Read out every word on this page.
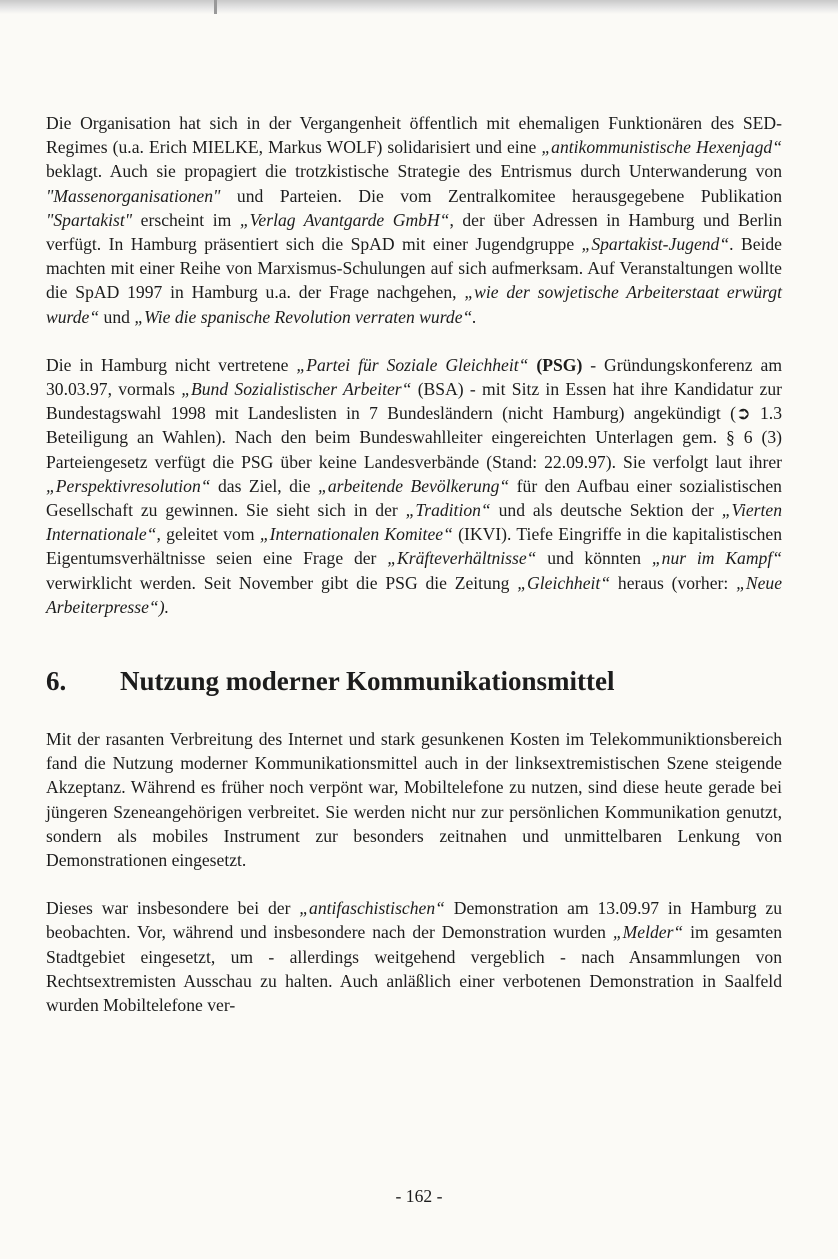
Die Organisation hat sich in der Vergangenheit öffentlich mit ehemaligen Funktionären des SED-Regimes (u.a. Erich MIELKE, Markus WOLF) solidarisiert und eine „antikommunistische Hexenjagd“ beklagt. Auch sie propagiert die trotzkistische Strategie des Entrismus durch Unterwanderung von "Massenorganisationen" und Parteien. Die vom Zentralkomitee herausgegebene Publikation "Spartakist" erscheint im „Verlag Avantgarde GmbH“, der über Adressen in Hamburg und Berlin verfügt. In Hamburg präsentiert sich die SpAD mit einer Jugendgruppe „Spartakist-Jugend“. Beide machten mit einer Reihe von Marxismus-Schulungen auf sich aufmerksam. Auf Veranstaltungen wollte die SpAD 1997 in Hamburg u.a. der Frage nachgehen, „wie der sowjetische Arbeiterstaat erwürgt wurde“ und „Wie die spanische Revolution verraten wurde“.

Die in Hamburg nicht vertretene „Partei für Soziale Gleichheit“ (PSG) - Gründungskonferenz am 30.03.97, vormals „Bund Sozialistischer Arbeiter“ (BSA) - mit Sitz in Essen hat ihre Kandidatur zur Bundestagswahl 1998 mit Landeslisten in 7 Bundesländern (nicht Hamburg) angekündigt (➲ 1.3 Beteiligung an Wahlen). Nach den beim Bundeswahlleiter eingereichten Unterlagen gem. § 6 (3) Parteiengesetz verfügt die PSG über keine Landesverbände (Stand: 22.09.97). Sie verfolgt laut ihrer „Perspektivresolution“ das Ziel, die „arbeitende Bevölkerung“ für den Aufbau einer sozialistischen Gesellschaft zu gewinnen. Sie sieht sich in der „Tradition“ und als deutsche Sektion der „Vierten Internationale“, geleitet vom „Internationalen Komitee“ (IKVI). Tiefe Eingriffe in die kapitalistischen Eigentumsverhältnisse seien eine Frage der „Kräfteverhältnisse“ und könnten „nur im Kampf“ verwirklicht werden. Seit November gibt die PSG die Zeitung „Gleichheit“ heraus (vorher: „Neue Arbeiterpresse“).

6. Nutzung moderner Kommunikationsmittel

Mit der rasanten Verbreitung des Internet und stark gesunkenen Kosten im Telekommuniktionsbereich fand die Nutzung moderner Kommunikationsmittel auch in der linksextremistischen Szene steigende Akzeptanz. Während es früher noch verpönt war, Mobiltelefone zu nutzen, sind diese heute gerade bei jüngeren Szeneangehörigen verbreitet. Sie werden nicht nur zur persönlichen Kommunikation genutzt, sondern als mobiles Instrument zur besonders zeitnahen und unmittelbaren Lenkung von Demonstrationen eingesetzt.

Dieses war insbesondere bei der „antifaschistischen“ Demonstration am 13.09.97 in Hamburg zu beobachten. Vor, während und insbesondere nach der Demonstration wurden „Melder“ im gesamten Stadtgebiet eingesetzt, um - allerdings weitgehend vergeblich - nach Ansammlungen von Rechtsextremisten Ausschau zu halten. Auch anläßlich einer verbotenen Demonstration in Saalfeld wurden Mobiltelefone ver-

- 162 -
